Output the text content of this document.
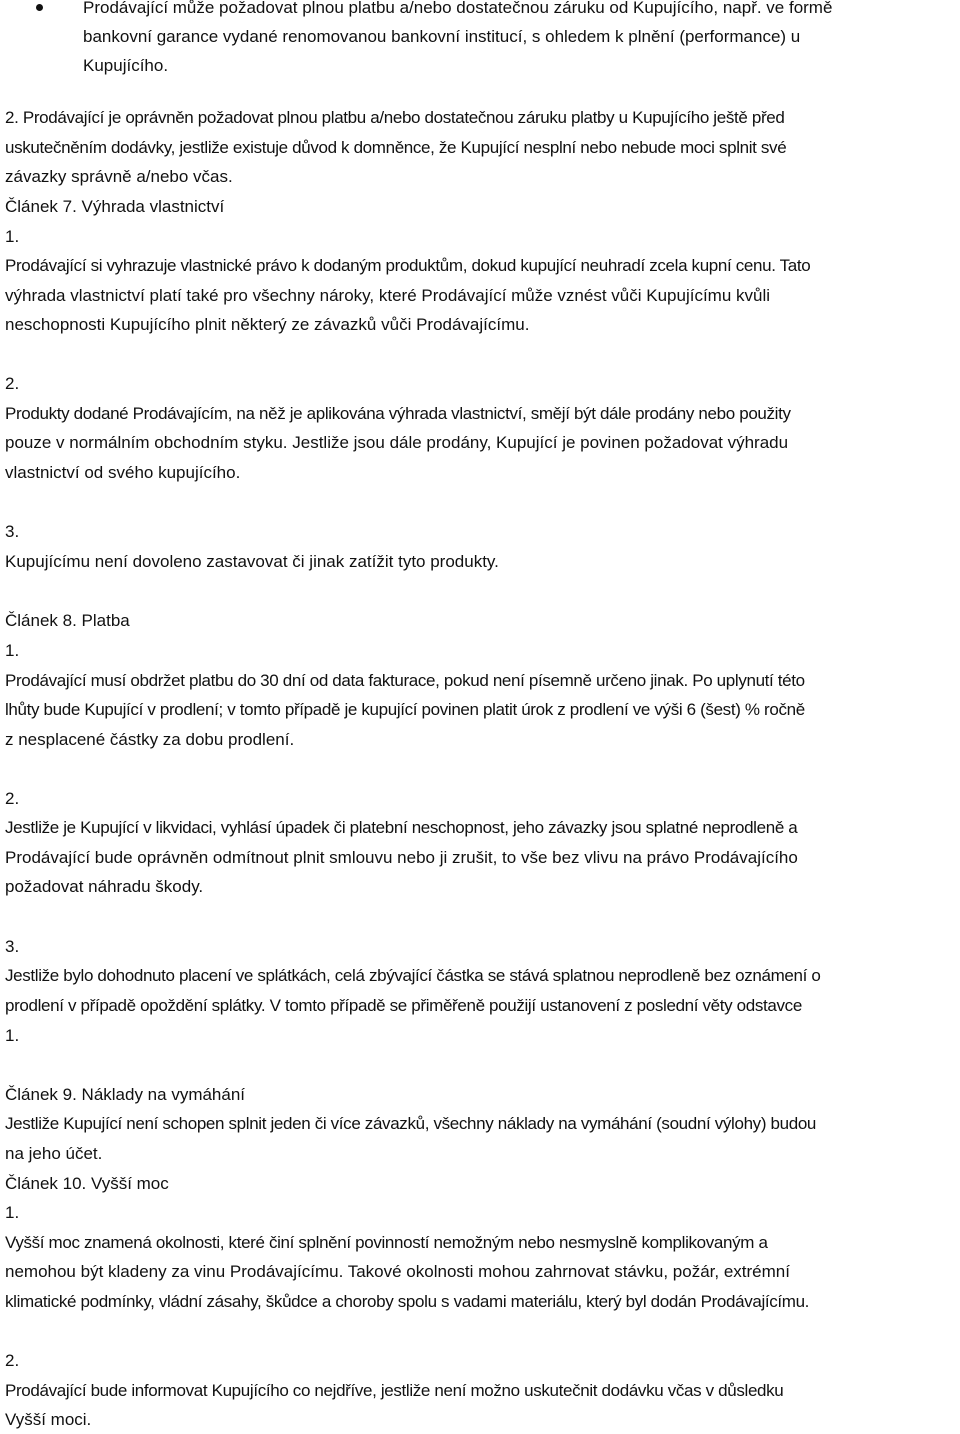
Prodávající může požadovat plnou platbu a/nebo dostatečnou záruku od Kupujícího, např. ve formě

bankovní garance vydané renomovanou bankovní institucí, s ohledem k plnění (performance) u

Kupujícího.

2. Prodávající je oprávněn požadovat plnou platbu a/nebo dostatečnou záruku platby u Kupujícího ještě před

uskutečněním dodávky, jestliže existuje důvod k domněnce, že Kupující nesplní nebo nebude moci splnit své

závazky správně a/nebo včas.

Článek 7. Výhrada vlastnictví

1.

Prodávající si vyhrazuje vlastnické právo k dodaným produktům, dokud kupující neuhradí zcela kupní cenu. Tato

výhrada vlastnictví platí také pro všechny nároky, které Prodávající může vznést vůči Kupujícímu kvůli

neschopnosti Kupujícího plnit některý ze závazků vůči Prodávajícímu.

2.

Produkty dodané Prodávajícím, na něž je aplikována výhrada vlastnictví, smějí být dále prodány nebo použity

pouze v normálním obchodním styku. Jestliže jsou dále prodány, Kupující je povinen požadovat výhradu

vlastnictví od svého kupujícího.

3.

Kupujícímu není dovoleno zastavovat či jinak zatížit tyto produkty.

Článek 8. Platba

1.

Prodávající musí obdržet platbu do 30 dní od data fakturace, pokud není písemně určeno jinak. Po uplynutí této

lhůty bude Kupující v prodlení; v tomto případě je kupující povinen platit úrok z prodlení ve výši 6 (šest) % ročně

z nesplacené částky za dobu prodlení.

2.

Jestliže je Kupující v likvidaci, vyhlásí úpadek či platební neschopnost, jeho závazky jsou splatné neprodleně a

Prodávající bude oprávněn odmítnout plnit smlouvu nebo ji zrušit, to vše bez vlivu na právo Prodávajícího

požadovat náhradu škody.

3.

Jestliže bylo dohodnuto placení ve splátkách, celá zbývající částka se stává splatnou neprodleně bez oznámení o

prodlení v případě opoždění splátky. V tomto případě se přiměřeně použijí ustanovení z poslední věty odstavce

1.

Článek 9. Náklady na vymáhání

Jestliže Kupující není schopen splnit jeden či více závazků, všechny náklady na vymáhání (soudní výlohy) budou

na jeho účet.

Článek 10. Vyšší moc

1.

Vyšší moc znamená okolnosti, které činí splnění povinností nemožným nebo nesmyslně komplikovaným a

nemohou být kladeny za vinu Prodávajícímu. Takové okolnosti mohou zahrnovat stávku, požár, extrémní

klimatické podmínky, vládní zásahy, škůdce a choroby spolu s vadami materiálu, který byl dodán Prodávajícímu.

2.

Prodávající bude informovat Kupujícího co nejdříve, jestliže není možno uskutečnit dodávku včas v důsledku

Vyšší moci.
